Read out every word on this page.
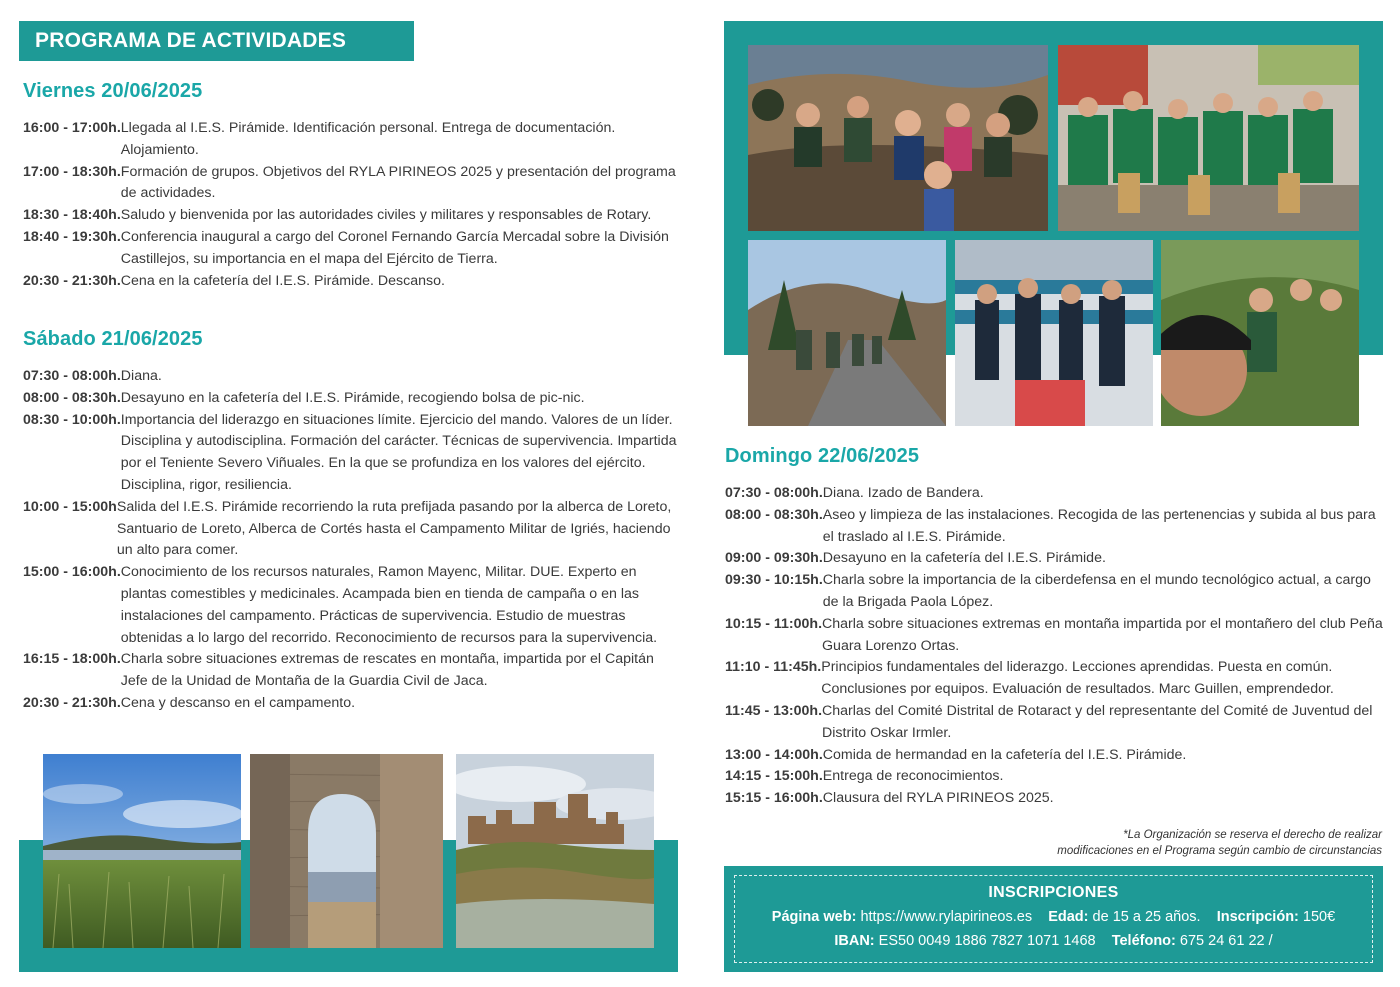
PROGRAMA DE ACTIVIDADES
Viernes 20/06/2025
16:00 - 17:00h. Llegada al I.E.S. Pirámide. Identificación personal. Entrega de documentación. Alojamiento.
17:00 - 18:30h. Formación de grupos. Objetivos del RYLA PIRINEOS 2025 y presentación del programa de actividades.
18:30 - 18:40h. Saludo y bienvenida por las autoridades civiles y militares y responsables de Rotary.
18:40 - 19:30h. Conferencia inaugural a cargo del Coronel Fernando García Mercadal sobre la División Castillejos, su importancia en el mapa del Ejército de Tierra.
20:30 - 21:30h. Cena en la cafetería del I.E.S. Pirámide. Descanso.
Sábado 21/06/2025
07:30 - 08:00h. Diana.
08:00 - 08:30h. Desayuno en la cafetería del I.E.S. Pirámide, recogiendo bolsa de pic-nic.
08:30 - 10:00h. Importancia del liderazgo en situaciones límite. Ejercicio del mando. Valores de un líder. Disciplina y autodisciplina. Formación del carácter. Técnicas de supervivencia. Impartida por el Teniente Severo Viñuales. En la que se profundiza en los valores del ejército. Disciplina, rigor, resiliencia.
10:00 - 15:00h Salida del I.E.S. Pirámide recorriendo la ruta prefijada pasando por la alberca de Loreto, Santuario de Loreto, Alberca de Cortés hasta el Campamento Militar de Igriés, haciendo un alto para comer.
15:00 - 16:00h. Conocimiento de los recursos naturales, Ramon Mayenc, Militar. DUE. Experto en plantas comestibles y medicinales. Acampada bien en tienda de campaña o en las instalaciones del campamento. Prácticas de supervivencia. Estudio de muestras obtenidas a lo largo del recorrido. Reconocimiento de recursos para la supervivencia.
16:15 - 18:00h. Charla sobre situaciones extremas de rescates en montaña, impartida por el Capitán Jefe de la Unidad de Montaña de la Guardia Civil de Jaca.
20:30 - 21:30h. Cena y descanso en el campamento.
Domingo 22/06/2025
07:30 - 08:00h. Diana. Izado de Bandera.
08:00 - 08:30h. Aseo y limpieza de las instalaciones. Recogida de las pertenencias y subida al bus para el traslado al I.E.S. Pirámide.
09:00 - 09:30h. Desayuno en la cafetería del I.E.S. Pirámide.
09:30 - 10:15h. Charla sobre la importancia de la ciberdefensa en el mundo tecnológico actual, a cargo de la Brigada Paola López.
10:15 - 11:00h. Charla sobre situaciones extremas en montaña impartida por el montañero del club Peña Guara Lorenzo Ortas.
11:10 - 11:45h. Principios fundamentales del liderazgo. Lecciones aprendidas. Puesta en común. Conclusiones por equipos. Evaluación de resultados. Marc Guillen, emprendedor.
11:45 - 13:00h. Charlas del Comité Distrital de Rotaract y del representante del Comité de Juventud del Distrito Oskar Irmler.
13:00 - 14:00h. Comida de hermandad en la cafetería del I.E.S. Pirámide.
14:15 - 15:00h. Entrega de reconocimientos.
15:15 - 16:00h. Clausura del RYLA PIRINEOS 2025.
*La Organización se reserva el derecho de realizar
modificaciones en el Programa según cambio de circunstancias
INSCRIPCIONES
Página web: https://www.rylapirineos.es Edad: de 15 a 25 años. Inscripción: 150€
IBAN: ES50 0049 1886 7827 1071 1468 Teléfono: 675 24 61 22 /
